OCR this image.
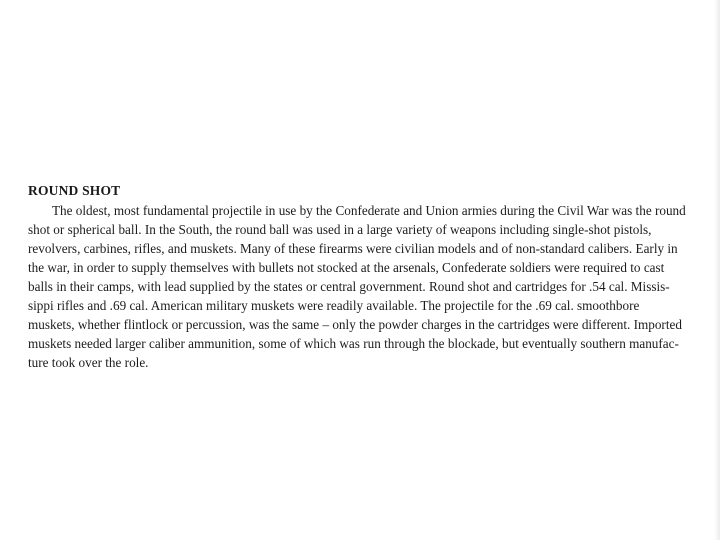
ROUND SHOT
The oldest, most fundamental projectile in use by the Confederate and Union armies during the Civil War was the round
shot or spherical ball. In the South, the round ball was used in a large variety of weapons including single-shot pistols,
revolvers, carbines, rifles, and muskets. Many of these firearms were civilian models and of non-standard calibers. Early in
the war, in order to supply themselves with bullets not stocked at the arsenals, Confederate soldiers were required to cast
balls in their camps, with lead supplied by the states or central government. Round shot and cartridges for .54 cal. Missis-
sippi rifles and .69 cal. American military muskets were readily available. The projectile for the .69 cal. smoothbore
muskets, whether flintlock or percussion, was the same – only the powder charges in the cartridges were different. Imported
muskets needed larger caliber ammunition, some of which was run through the blockade, but eventually southern manufac-
ture took over the role.
